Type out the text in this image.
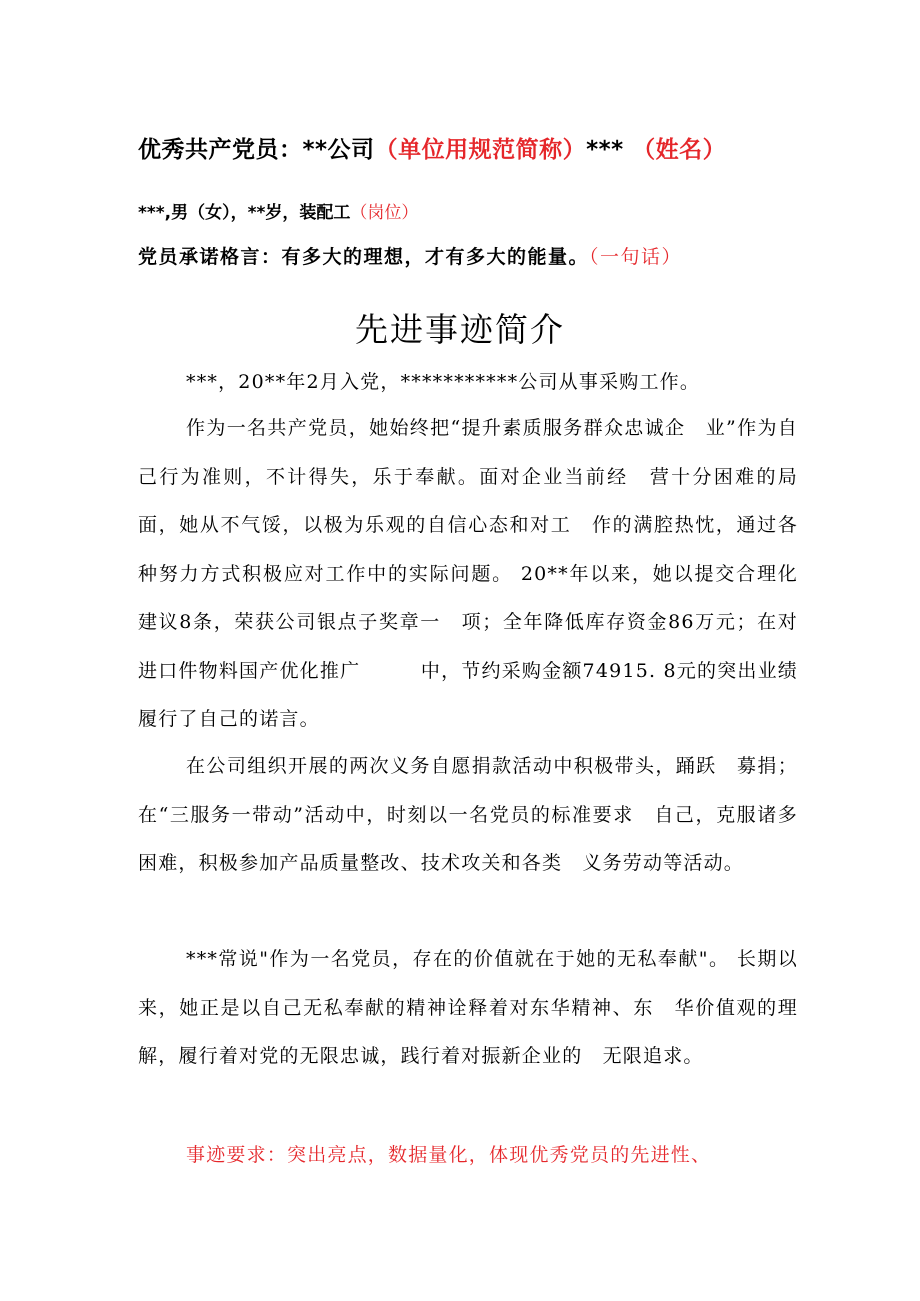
优秀共产党员：**公司（单位用规范简称）*** （姓名）
***,男（女），**岁，装配工（岗位）
党员承诺格言：有多大的理想，才有多大的能量。（一句话）
先进事迹简介

***，20**年2月入党，***********公司从事采购工作。

作为一名共产党员，她始终把“提升素质服务群众忠诚企　业”作为自己行为准则，不计得失，乐于奉献。面对企业当前经　营十分困难的局面，她从不气馁，以极为乐观的自信心态和对工　作的满腔热忱，通过各种努力方式积极应对工作中的实际问题。 20**年以来，她以提交合理化建议8条，荣获公司银点子奖章一　项；全年降低库存资金86万元；在对进口件物料国产优化推广　　　中，节约采购金额74915. 8元的突出业绩履行了自己的诺言。

在公司组织开展的两次义务自愿捐款活动中积极带头，踊跃　募捐；在“三服务一带动”活动中，时刻以一名党员的标准要求　自己，克服诸多困难，积极参加产品质量整改、技术攻关和各类　义务劳动等活动。

***常说"作为一名党员，存在的价值就在于她的无私奉献"。 长期以来，她正是以自己无私奉献的精神诠释着对东华精神、东　华价值观的理解，履行着对党的无限忠诚，践行着对振新企业的　无限追求。

事迹要求：突出亮点，数据量化，体现优秀党员的先进性、
